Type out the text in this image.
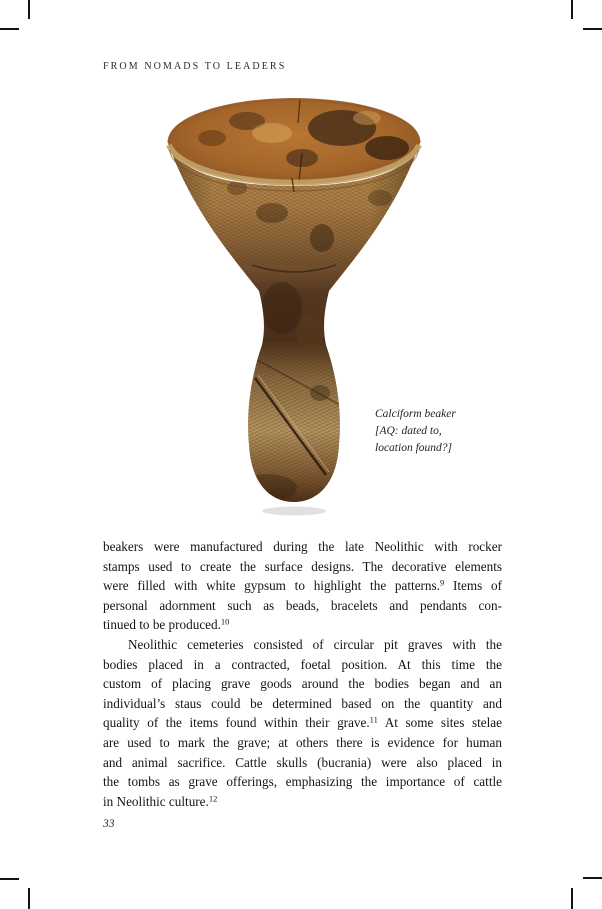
FROM NOMADS TO LEADERS
Calciform beaker
[AQ: dated to,
location found?]
beakers were manufactured during the late Neolithic with rocker
stamps used to create the surface designs. The decorative elements
were filled with white gypsum to highlight the patterns.$^9$ Items of
personal adornment such as beads, bracelets and pendants con-
tinued to be produced.$^{10}$
Neolithic cemeteries consisted of circular pit graves with the
bodies placed in a contracted, foetal position. At this time the
custom of placing grave goods around the bodies began and an
individual’s staus could be determined based on the quantity and
quality of the items found within their grave.$^{11}$ At some sites stelae
are used to mark the grave; at others there is evidence for human
and animal sacrifice. Cattle skulls (bucrania) were also placed in
the tombs as grave offerings, emphasizing the importance of cattle
in Neolithic culture.$^{12}$
33
